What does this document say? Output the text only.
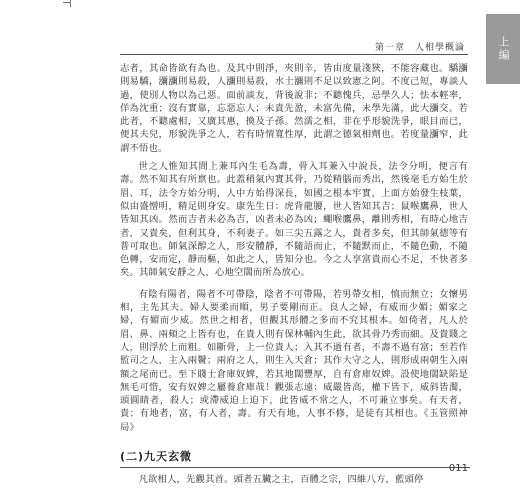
上編
第一章　人相學概論

志者，其命皆欲有為也。及其中則淨，夾則辛，皆由度量淺狹，不能容藏也。驕瀰則易驕，瀰瀰則易殺，人瀰則易殺，水土瀰則不足以致憲之阿。不度己短，專談人過，使別人物以為己惡。面前談友，背後說非；不聽愧兵，忌學久人；怯本輕率，佯為沈重；沒有實靠，忘惡忘人；未貴先盈，未富先備，未學先滿，此大瀰交。若此者，不聽處相，又廣其惠，換及子孫。然濡之相，非在乎形貌洗爭，眼目而已，便其夫兒，形貌洗爭之人，若有時情寬性厚，此謂之德氣相劑也。若度量瀰窄，此謂不悟也。

世之人惟知其間上兼耳內生毛為壽，骨入耳兼入中說長，法令分明，便言有壽。然不知其有所禀也。此蓋稍氣內實其骨，乃從精腦而秀出，然後毫毛方始生於眉、耳，法令方始分明，人中方始得深長，如國之根本牢實，上面方始發生枝葉，似由盛憎明，精足則身安。康先生日：虎背龍腰，世人皆知其吉；鼠喉鷹鼻，世人皆知其凶。然而吉者未必為吉，凶者未必為凶；蠅喉鷹鼻，離則秀相，有時心地吉者，又貴矣，但利其身，不利妻子。如三尖五露之人，貴者多矣，但其師氣德等有普可取也。師氣深醇之人，形安體靜，不隨語而止，不隨默而止，不隨色動，不隨色轉，安而定，靜而樞，如此之人，皆知分也。今之人享富貴而心不足，不快者多矣。其師氣安靜之人，心地空闊而所為放心。

有陰有陽者，陽者不可帶陰，陰者不可帶陽，若男帶女相，慎而無立；女懷男相，主先其夫。婦人要柔而順，男子要剛而正。良人之婦，有威而少媚；媚家之婦，有媚而少威。然世之相者，但觀其形體之多而不究其根本。如倚者，凡人於眉、鼻、兩頰之上皆有也，在貴人則有保林輔內生此，欲其骨乃秀而細。及貴賤之人，則浮於上而粗。如斷骨，上一位貴人；入其不過有者，不壽不過有富；至若作監司之人，主入兩鬢；兩府之人，則生入天倉；其作大守之人，則形成兩朝生入兩額之尾而已。至下賤士倉庫奴婢，若其地闊豐厚，自有倉庫奴婢。設使地闊缺陷是無毛可惜，安有奴婢之屬養倉庫哉！觀張志遠：威嚴皆高，權下皆下，威斜皆濁，頭圓睛者，殺人；或滯威迫上迫下，此皆威不常之人，不可兼立事矣。有天者，貴；有地者，富，有人者，壽。有天有地，人事不修，是徒有其相也。《玉管照神局》

(二)九天玄微

凡欲相人，先觀其首。頭者五臟之主，百體之宗，四維八方，藍頭停

011
